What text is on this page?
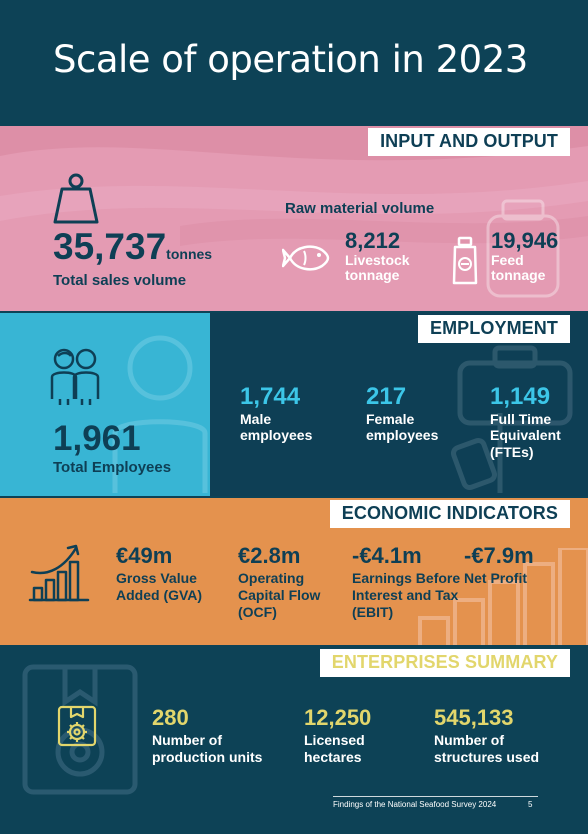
Scale of operation in 2023
INPUT AND OUTPUT
35,737tonnes
Total sales volume
Raw material volume
8,212
Livestock
tonnage
19,946
Feed
tonnage
1,961
Total Employees
EMPLOYMENT
1,744
Male
employees
217
Female
employees
1,149
Full Time
Equivalent
(FTEs)
ECONOMIC INDICATORS
€49m
Gross Value
Added (GVA)
€2.8m
Operating
Capital Flow
(OCF)
-€4.1m
Earnings Before
Interest and Tax
(EBIT)
-€7.9m
Net Profit
ENTERPRISES SUMMARY
280
Number of
production units
12,250
Licensed
hectares
545,133
Number of
structures used
Findings of the National Seafood Survey 2024	5
